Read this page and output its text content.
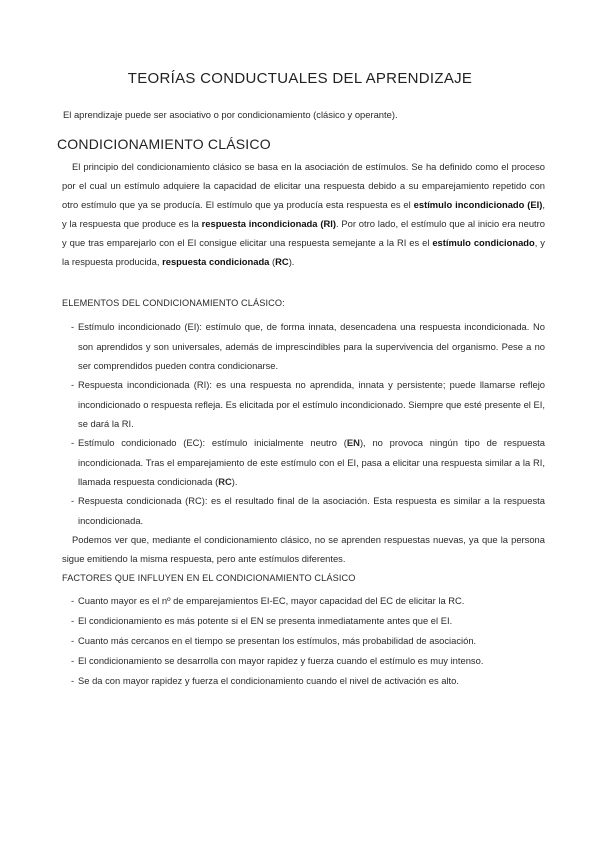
TEORÍAS CONDUCTUALES DEL APRENDIZAJE
El aprendizaje puede ser asociativo o por condicionamiento (clásico y operante).
CONDICIONAMIENTO CLÁSICO
El principio del condicionamiento clásico se basa en la asociación de estímulos. Se ha definido como el proceso por el cual un estímulo adquiere la capacidad de elicitar una respuesta debido a su emparejamiento repetido con otro estímulo que ya se producía. El estímulo que ya producía esta respuesta es el estímulo incondicionado (EI), y la respuesta que produce es la respuesta incondicionada (RI). Por otro lado, el estímulo que al inicio era neutro y que tras emparejarlo con el EI consigue elicitar una respuesta semejante a la RI es el estímulo condicionado, y la respuesta producida, respuesta condicionada (RC).
ELEMENTOS DEL CONDICIONAMIENTO CLÁSICO:
- Estímulo incondicionado (EI): estímulo que, de forma innata, desencadena una respuesta incondicionada. No son aprendidos y son universales, además de imprescindibles para la supervivencia del organismo. Pese a no ser comprendidos pueden contra condicionarse.
- Respuesta incondicionada (RI): es una respuesta no aprendida, innata y persistente; puede llamarse reflejo incondicionado o respuesta refleja. Es elicitada por el estímulo incondicionado. Siempre que esté presente el EI, se dará la RI.
- Estímulo condicionado (EC): estímulo inicialmente neutro (EN), no provoca ningún tipo de respuesta incondicionada. Tras el emparejamiento de este estímulo con el EI, pasa a elicitar una respuesta similar a la RI, llamada respuesta condicionada (RC).
- Respuesta condicionada (RC): es el resultado final de la asociación. Esta respuesta es similar a la respuesta incondicionada.
Podemos ver que, mediante el condicionamiento clásico, no se aprenden respuestas nuevas, ya que la persona sigue emitiendo la misma respuesta, pero ante estímulos diferentes.
FACTORES QUE INFLUYEN EN EL CONDICIONAMIENTO CLÁSICO
- Cuanto mayor es el nº de emparejamientos EI-EC, mayor capacidad del EC de elicitar la RC.
- El condicionamiento es más potente si el EN se presenta inmediatamente antes que el EI.
- Cuanto más cercanos en el tiempo se presentan los estímulos, más probabilidad de asociación.
- El condicionamiento se desarrolla con mayor rapidez y fuerza cuando el estímulo es muy intenso.
- Se da con mayor rapidez y fuerza el condicionamiento cuando el nivel de activación es alto.
